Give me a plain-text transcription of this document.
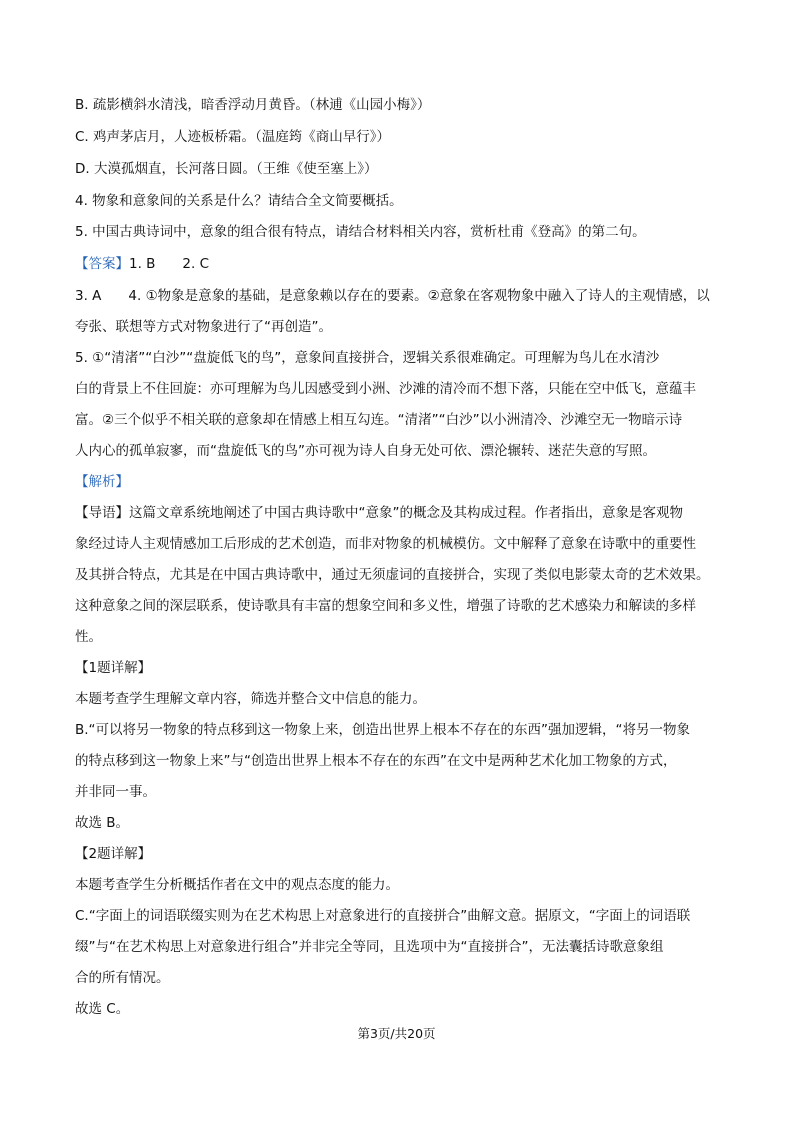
B. 疏影横斜水清浅，暗香浮动月黄昏。（林逋《山园小梅》）
C. 鸡声茅店月，人迹板桥霜。（温庭筠《商山早行》）
D. 大漠孤烟直，长河落日圆。（王维《使至塞上》）
4. 物象和意象间的关系是什么？请结合全文简要概括。
5. 中国古典诗词中，意象的组合很有特点，请结合材料相关内容，赏析杜甫《登高》的第二句。
【答案】1. B　　2. C
3. A　　4. ①物象是意象的基础，是意象赖以存在的要素。②意象在客观物象中融入了诗人的主观情感，以
夸张、联想等方式对物象进行了“再创造”。
5. ①“清渚”“白沙”“盘旋低飞的鸟”，意象间直接拼合，逻辑关系很难确定。可理解为鸟儿在水清沙
白的背景上不住回旋：亦可理解为鸟儿因感受到小洲、沙滩的清冷而不想下落，只能在空中低飞，意蕴丰
富。②三个似乎不相关联的意象却在情感上相互勾连。“清渚”“白沙”以小洲清冷、沙滩空无一物暗示诗
人内心的孤单寂寥，而“盘旋低飞的鸟”亦可视为诗人自身无处可依、漂沦辗转、迷茫失意的写照。
【解析】
【导语】这篇文章系统地阐述了中国古典诗歌中“意象”的概念及其构成过程。作者指出，意象是客观物
象经过诗人主观情感加工后形成的艺术创造，而非对物象的机械模仿。文中解释了意象在诗歌中的重要性
及其拼合特点，尤其是在中国古典诗歌中，通过无须虚词的直接拼合，实现了类似电影蒙太奇的艺术效果。
这种意象之间的深层联系，使诗歌具有丰富的想象空间和多义性，增强了诗歌的艺术感染力和解读的多样
性。
【1题详解】
本题考查学生理解文章内容，筛选并整合文中信息的能力。
B.“可以将另一物象的特点移到这一物象上来，创造出世界上根本不存在的东西”强加逻辑，“将另一物象
的特点移到这一物象上来”与“创造出世界上根本不存在的东西”在文中是两种艺术化加工物象的方式，
并非同一事。
故选 B。
【2题详解】
本题考查学生分析概括作者在文中的观点态度的能力。
C.“字面上的词语联缀实则为在艺术构思上对意象进行的直接拼合”曲解文意。据原文，“字面上的词语联
缀”与“在艺术构思上对意象进行组合”并非完全等同，且选项中为“直接拼合”，无法囊括诗歌意象组
合的所有情况。
故选 C。
第3页/共20页
